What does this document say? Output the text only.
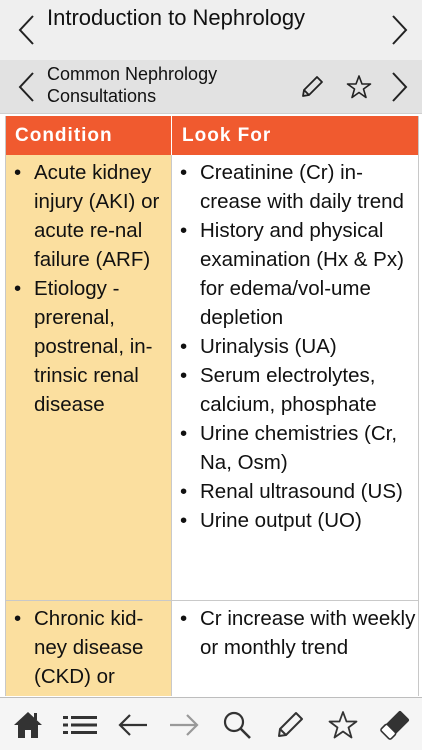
Introduction to Nephrology
Common Nephrology Consultations
Condition	Look For
• Acute kidney injury (AKI) or acute re-nal failure (ARF)
• Etiology - prerenal, postrenal, in-trinsic renal disease
• Creatinine (Cr) in-crease with daily trend
• History and physical examination (Hx & Px) for edema/vol-ume depletion
• Urinalysis (UA)
• Serum electrolytes, calcium, phosphate
• Urine chemistries (Cr, Na, Osm)
• Renal ultrasound (US)
• Urine output (UO)
• Chronic kid-ney disease (CKD) or
• Cr increase with weekly or monthly trend
